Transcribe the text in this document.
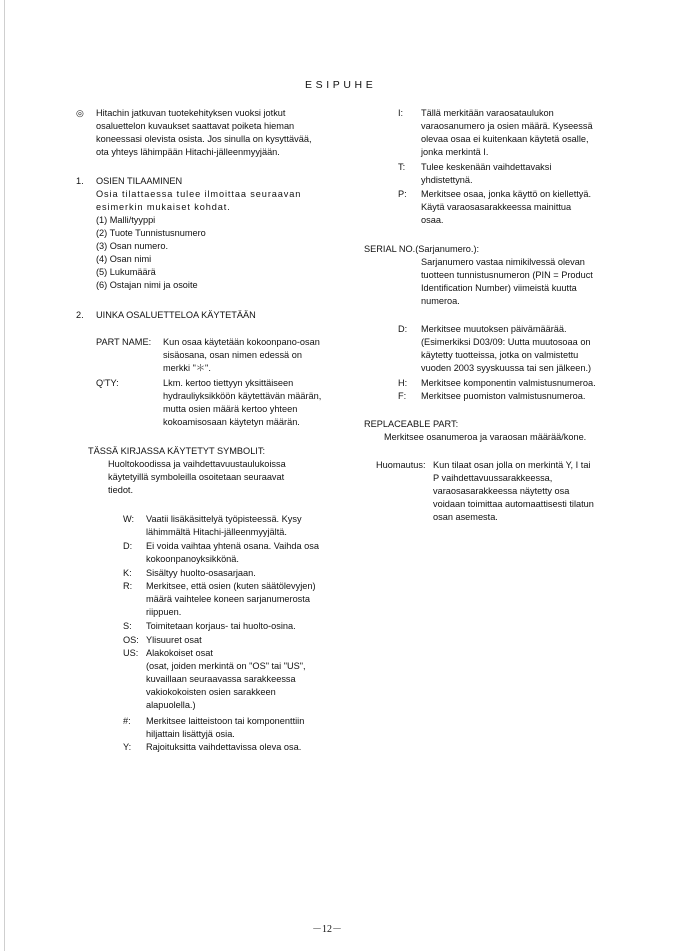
ESIPUHE
◎ Hitachin jatkuvan tuotekehityksen vuoksi jotkut
osaluettelon kuvaukset saattavat poiketa hieman
koneessasi olevista osista. Jos sinulla on kysyttävää,
ota yhteys lähimpään Hitachi-jälleenmyyjään.
1. OSIEN TILAAMINEN
Osia tilattaessa tulee ilmoittaa seuraavan
esimerkin mukaiset kohdat.
(1) Malli/tyyppi
(2) Tuote Tunnistusnumero
(3) Osan numero.
(4) Osan nimi
(5) Lukumäärä
(6) Ostajan nimi ja osoite
2. UINKA OSALUETTELOA KÄYTETÄÄN
PART NAME: Kun osaa käytetään kokoonpano-osan
sisäosana, osan nimen edessä on
merkki "＊".
Q'TY:	Lkm. kertoo tiettyyn yksittäiseen
hydrauliyksikköön käytettävän määrän,
mutta osien määrä kertoo yhteen
kokoamisosaan käytetyn määrän.
TÄSSÄ KIRJASSA KÄYTETYT SYMBOLIT:
Huoltokoodissa ja vaihdettavuustaulukoissa
käytetyillä symboleilla osoitetaan seuraavat
tiedot.
W: Vaatii lisäkäsittelyä työpisteessä. Kysy
lähimmältä Hitachi-jälleenmyyjältä.
D: Ei voida vaihtaa yhtenä osana. Vaihda osa
kokoonpanoyksikkönä.
K: Sisältyy huolto-osasarjaan.
R: Merkitsee, että osien (kuten säätölevyjen)
määrä vaihtelee koneen sarjanumerosta
riippuen.
S: Toimitetaan korjaus- tai huolto-osina.
OS: Ylisuuret osat
US: Alakokoiset osat
(osat, joiden merkintä on "OS" tai "US",
kuvaillaan seuraavassa sarakkeessa
vakiokokoisten osien sarakkeen
alapuolella.)
#: Merkitsee laitteistoon tai komponenttiin
hiljattain lisättyjä osia.
Y: Rajoituksitta vaihdettavissa oleva osa.
I: Tällä merkitään varaosataulukon
varaosanumero ja osien määrä. Kyseessä
olevaa osaa ei kuitenkaan käytetä osalle,
jonka merkintä I.
T: Tulee keskenään vaihdettavaksi
yhdistettynä.
P: Merkitsee osaa, jonka käyttö on kiellettyä.
Käytä varaosasarakkeessa mainittua
osaa.
SERIAL NO.(Sarjanumero.):
Sarjanumero vastaa nimikilvessä olevan
tuotteen tunnistusnumeron (PIN = Product
Identification Number) viimeistä kuutta
numeroa.
D: Merkitsee muutoksen päivämäärää.
(Esimerkiksi D03/09: Uutta muutosoaa on
käytetty tuotteissa, jotka on valmistettu
vuoden 2003 syyskuussa tai sen jälkeen.)
H: Merkitsee komponentin valmistusnumeroa.
F: Merkitsee puomiston valmistusnumeroa.
REPLACEABLE PART:
Merkitsee osanumeroa ja varaosan määrää/kone.
Huomautus: Kun tilaat osan jolla on merkintä Y, I tai
P vaihdettavuussarakkeessa,
varaosasarakkeessa näytetty osa
voidaan toimittaa automaattisesti tilatun
osan asemesta.
－12－
